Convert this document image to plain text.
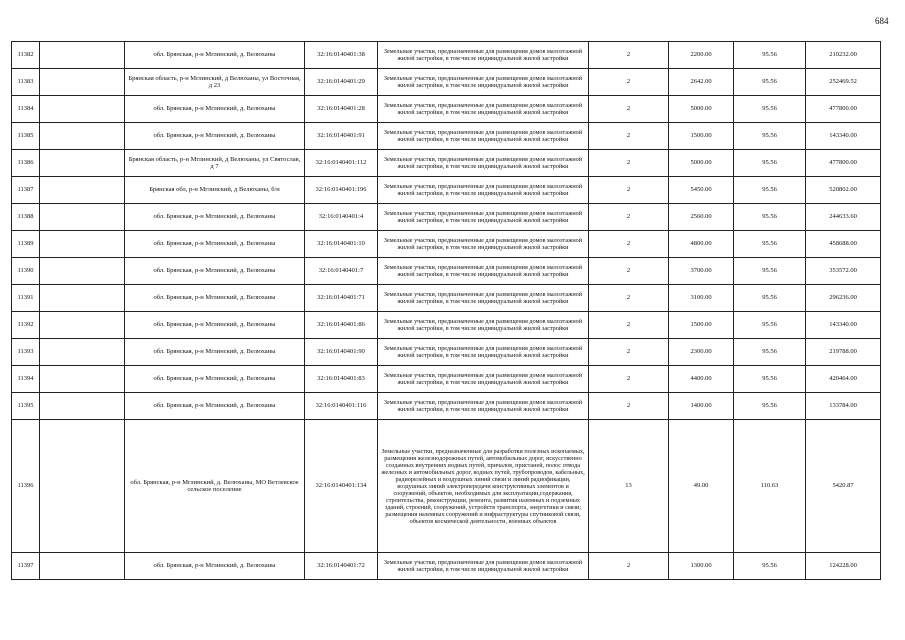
684
11382		обл. Брянская, р-н Мглинский, д. Велюханы	32:16:0140401:38	Земельные участки, предназначенные для размещения домов малоэтажной жилой застройки, в том числе индивидуальной жилой застройки	2	2200.00	95.56	210232.00
11383		Брянская область, р-н Мглинский, д Велюханы, ул Восточная, д 23	32:16:0140401:29	Земельные участки, предназначенные для размещения домов малоэтажной жилой застройки, в том числе индивидуальной жилой застройки	2	2642.00	95.56	252469.52
11384		обл. Брянская, р-н Мглинский, д. Велюханы	32:16:0140401:28	Земельные участки, предназначенные для размещения домов малоэтажной жилой застройки, в том числе индивидуальной жилой застройки	2	5000.00	95.56	477800.00
11385		обл. Брянская, р-н Мглинский, д. Велюханы	32:16:0140401:91	Земельные участки, предназначенные для размещения домов малоэтажной жилой застройки, в том числе индивидуальной жилой застройки	2	1500.00	95.56	143340.00
11386		Брянская область, р-н Мглинский, д Велюханы, ул Святослав, д 7	32:16:0140401:112	Земельные участки, предназначенные для размещения домов малоэтажной жилой застройки, в том числе индивидуальной жилой застройки	2	5000.00	95.56	477800.00
11387		Брянская обл, р-н Мглинский, д Велюханы, б/н	32:16:0140401:196	Земельные участки, предназначенные для размещения домов малоэтажной жилой застройки, в том числе индивидуальной жилой застройки	2	5450.00	95.56	520802.00
11388		обл. Брянская, р-н Мглинский, д. Велюханы	32:16:0140401:4	Земельные участки, предназначенные для размещения домов малоэтажной жилой застройки, в том числе индивидуальной жилой застройки	2	2560.00	95.56	244633.60
11389		обл. Брянская, р-н Мглинский, д. Велюханы	32:16:0140401:10	Земельные участки, предназначенные для размещения домов малоэтажной жилой застройки, в том числе индивидуальной жилой застройки	2	4800.00	95.56	458688.00
11390		обл. Брянская, р-н Мглинский, д. Велюханы	32:16:0140401:7	Земельные участки, предназначенные для размещения домов малоэтажной жилой застройки, в том числе индивидуальной жилой застройки	2	3700.00	95.56	353572.00
11391		обл. Брянская, р-н Мглинский, д. Велюханы	32:16:0140401:71	Земельные участки, предназначенные для размещения домов малоэтажной жилой застройки, в том числе индивидуальной жилой застройки	2	3100.00	95.56	296236.00
11392		обл. Брянская, р-н Мглинский, д. Велюханы	32:16:0140401:86	Земельные участки, предназначенные для размещения домов малоэтажной жилой застройки, в том числе индивидуальной жилой застройки	2	1500.00	95.56	143340.00
11393		обл. Брянская, р-н Мглинский, д. Велюханы	32:16:0140401:90	Земельные участки, предназначенные для размещения домов малоэтажной жилой застройки, в том числе индивидуальной жилой застройки	2	2300.00	95.56	219788.00
11394		обл. Брянская, р-н Мглинский, д. Велюханы	32:16:0140401:83	Земельные участки, предназначенные для размещения домов малоэтажной жилой застройки, в том числе индивидуальной жилой застройки	2	4400.00	95.56	420464.00
11395		обл. Брянская, р-н Мглинский, д. Велюханы	32:16:0140401:116	Земельные участки, предназначенные для размещения домов малоэтажной жилой застройки, в том числе индивидуальной жилой застройки	2	1400.00	95.56	133784.00
11396		обл. Брянская, р-н Мглинский, д. Велюханы, МО Ветлевское сельское поселение	32:16:0140401:134	Земельные участки, предназначенные для разработки полезных ископаемых, размещения железнодорожных путей, автомобильных дорог, искусственно созданных внутренних водных путей, причалов, пристаней, полос отвода железных и автомобильных дорог, водных путей, трубопроводов, кабельных, радиорелейных и воздушных линий связи и линий радиофикации, воздушных линий электропередачи конструктивных элементов и сооружений, объектов, необходимых для эксплуатации,содержания, строительства, реконструкции, ремонта, развития наземных и подземных зданий, строений, сооружений, устройств транспорта, энергетики и связи; размещения наземных сооружений и инфраструктуры спутниковой связи, объектов космической деятельности, военных объектов	13	49.00	110.63	5420.87
11397		обл. Брянская, р-н Мглинский, д. Велюханы	32:16:0140401:72	Земельные участки, предназначенные для размещения домов малоэтажной жилой застройки, в том числе индивидуальной жилой застройки	2	1300.00	95.56	124228.00
